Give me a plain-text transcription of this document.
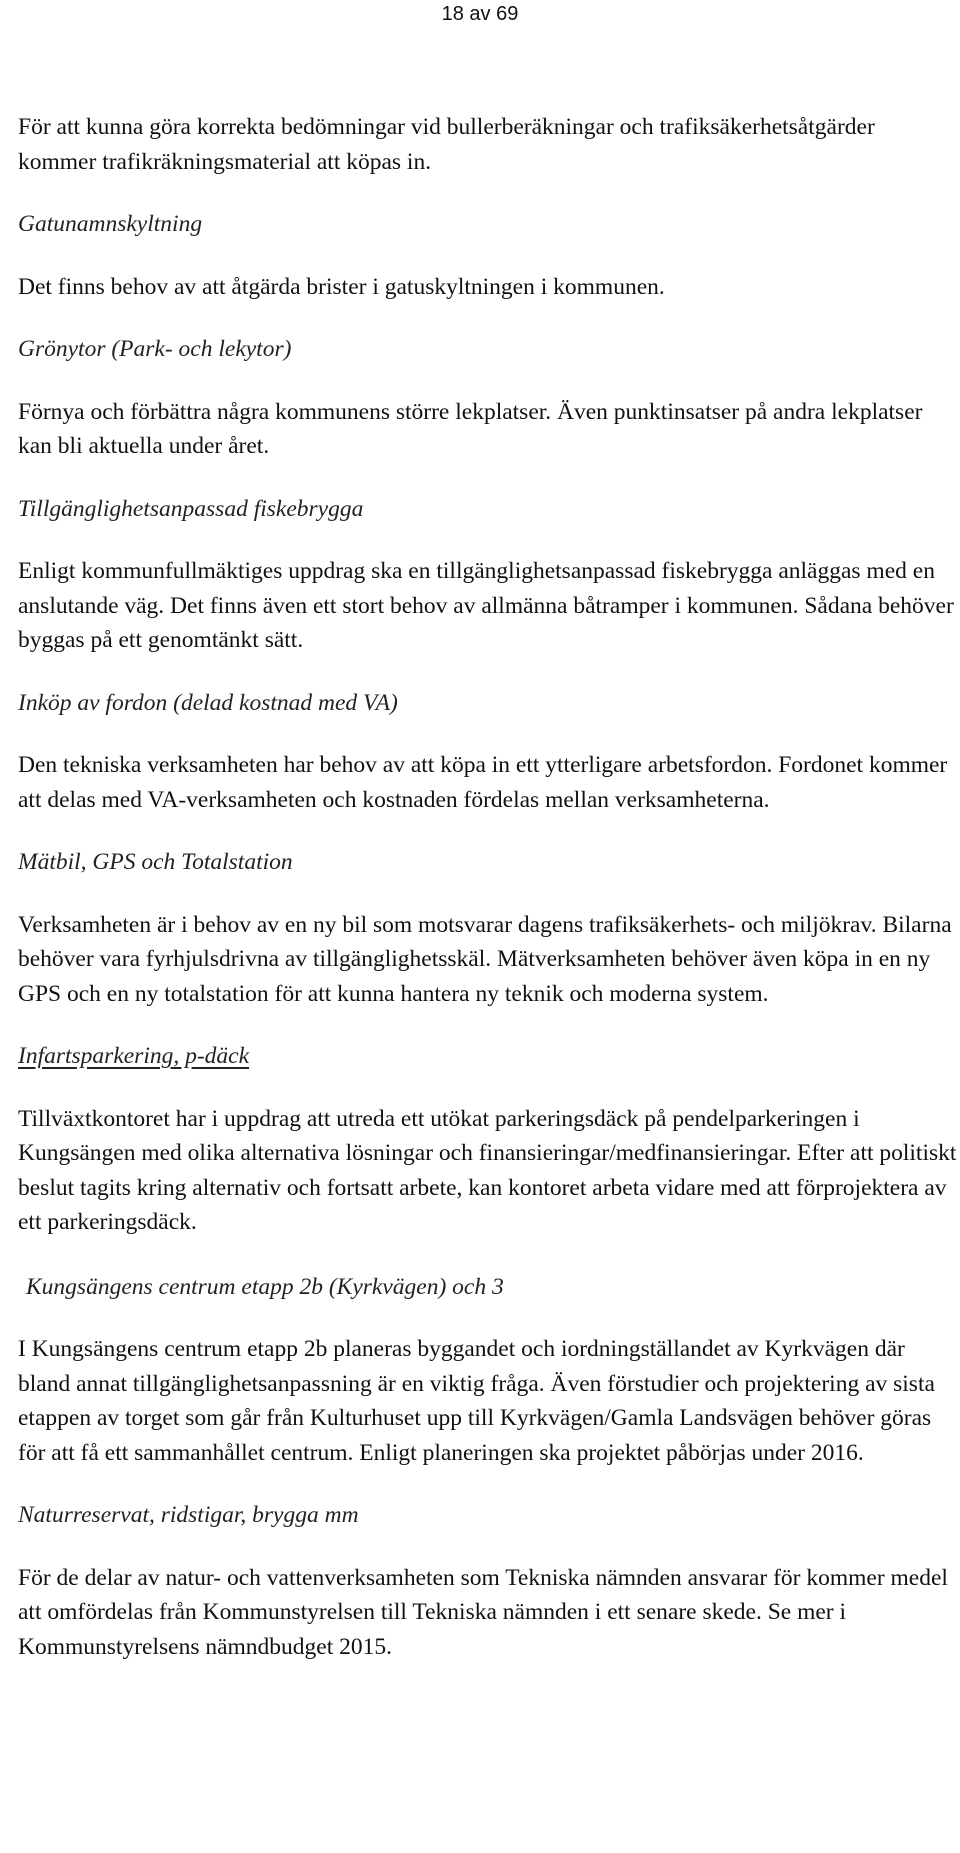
18 av 69

För att kunna göra korrekta bedömningar vid bullerberäkningar och trafiksäkerhetsåtgärder kommer trafikräkningsmaterial att köpas in.

Gatunamnskyltning

Det finns behov av att åtgärda brister i gatuskyltningen i kommunen.

Grönytor (Park- och lekytor)

Förnya och förbättra några kommunens större lekplatser. Även punktinsatser på andra lekplatser kan bli aktuella under året.

Tillgänglighetsanpassad fiskebrygga

Enligt kommunfullmäktiges uppdrag ska en tillgänglighetsanpassad fiskebrygga anläggas med en anslutande väg. Det finns även ett stort behov av allmänna båtramper i kommunen. Sådana behöver byggas på ett genomtänkt sätt.

Inköp av fordon (delad kostnad med VA)

Den tekniska verksamheten har behov av att köpa in ett ytterligare arbetsfordon. Fordonet kommer att delas med VA-verksamheten och kostnaden fördelas mellan verksamheterna.

Mätbil, GPS och Totalstation

Verksamheten är i behov av en ny bil som motsvarar dagens trafiksäkerhets- och miljökrav. Bilarna behöver vara fyrhjulsdrivna av tillgänglighetsskäl. Mätverksamheten behöver även köpa in en ny GPS och en ny totalstation för att kunna hantera ny teknik och moderna system.

Infartsparkering, p-däck

Tillväxtkontoret har i uppdrag att utreda ett utökat parkeringsdäck på pendelparkeringen i Kungsängen med olika alternativa lösningar och finansieringar/medfinansieringar. Efter att politiskt beslut tagits kring alternativ och fortsatt arbete, kan kontoret arbeta vidare med att förprojektera av ett parkeringsdäck.

Kungsängens centrum etapp 2b (Kyrkvägen) och 3

I Kungsängens centrum etapp 2b planeras byggandet och iordningställandet av Kyrkvägen där bland annat tillgänglighetsanpassning är en viktig fråga. Även förstudier och projektering av sista etappen av torget som går från Kulturhuset upp till Kyrkvägen/Gamla Landsvägen behöver göras för att få ett sammanhållet centrum. Enligt planeringen ska projektet påbörjas under 2016.

Naturreservat, ridstigar, brygga mm

För de delar av natur- och vattenverksamheten som Tekniska nämnden ansvarar för kommer medel att omfördelas från Kommunstyrelsen till Tekniska nämnden i ett senare skede. Se mer i Kommunstyrelsens nämndbudget 2015.
